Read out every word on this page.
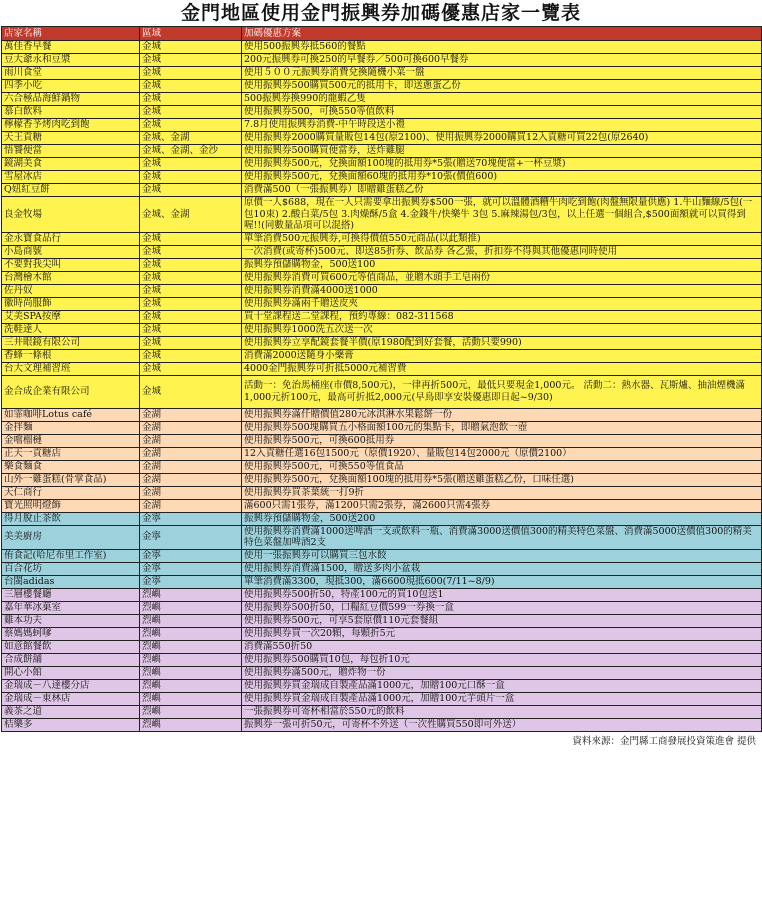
金門地區使用金門振興券加碼優惠店家一覽表
店家名稱	區域	加碼優惠方案
萬佳香早餐	金城	使用500振興券抵560的餐點
豆大爺永和豆漿	金城	200元振興券可換250的早餐券／500可換600早餐券
雨川食堂	金城	使用５００元振興券消費兌換隨機小菜一盤
四季小吃	金城	使用振興券500購買500元的抵用卡，即送蔥蛋乙份
六合極品海鮮鍋物	金城	500振興券換990的龍蝦乙隻
慕白飲料	金城	使用振興券500，可換550等值飲料
檸檬香芧烤肉吃到飽	金城	7.8月使用振興券消費-中午時段送小禮
天王貢糖	金城、金湖	使用振興券2000購買量販包14包(原2100)、使用振興券2000購買12入貢糖可買22包(原2640)
悟饕便當	金城、金湖、金沙	使用振興券500購買便當券，送炸雞腿
鏡湖美食	金城	使用振興券500元，兌換面額100塊的抵用券*5張(贈送70塊便當+一杯豆漿)
雪屋冰店	金城	使用振興券500元，兌換面額60塊的抵用券*10張(價值600)
Q妞紅豆餅	金城	消費滿500（一張振興券）即贈雞蛋糕乙份
良金牧場	金城、金湖	原價一人$688，現在一人只需要拿出振興券$500一張，就可以溫體酒糟牛肉吃到飽(肉盤無限量供應) 1.牛山麵線/5包(一包10束) 2.酸白菜/5包 3.肉燥酥/5盒 4.金錢牛/快樂牛 3包 5.麻辣湯包/3包，以上任選一個組合,$500面額就可以買得到喔!!(同數量品項可以混搭)
金永寶食品行	金城	單筆消費500元振興券,可換得價值550元商品(以此類推)
小島商號	金城	一次消費(或寄杯)500元、即送85折券、飲品券 各乙張，折扣券不得與其他優惠同時使用
不要對我尖叫	金城	振興券預儲購物金，500送100
台灣檜木館	金城	使用振興券消費可買600元等值商品，並贈木頭手工皂兩份
佐丹奴	金城	使用振興券消費滿4000送1000
徽時尚服飾	金城	使用振興券滿兩千贈送皮夾
艾美SPA按摩	金城	買十堂課程送二堂課程，預約專線：082-311568
洗鞋達人	金城	使用振興券1000洗五次送一次
三井眼鏡有限公司	金城	使用振興券立享配鏡套餐半價(原1980配到好套餐，活動只要990)
香蜂一條根	金城	消費滿2000送隨身小藥膏
台大文理補習班	金城	4000金門振興券可折抵5000元補習費
金合成企業有限公司	金城	活動一：免治馬桶座(市價8,500元)，一律再折500元，最低只要現金1,000元。 活動二：熱水器、瓦斯爐、抽油煙機滿1,000元折100元，最高可折抵2,000元(早鳥即享安裝優惠即日起~9/30)
如霏咖啡Lotus café	金湖	使用振興券滿仟贈價值280元冰淇淋水果鬆餅一份
金拌麵	金湖	使用振興券500塊購買五小格面額100元的集點卡，即贈氣泡飲一壺
金嚐榴槤	金湖	使用振興券500元，可換600抵用券
正天一貢糖店	金湖	12入貢糖任選16包1500元（原價1920）、量販包14包2000元（原價2100）
樂食麵食	金湖	使用振興券500元，可換550等值食品
山外一雞蛋糕(骨掌食品)	金湖	使用振興券500元，兌換面額100塊的抵用券*5張(贈送雞蛋糕乙份，口味任選)
天仁商行	金湖	使用振興券買茶葉統一打9折
寶光照明燈飾	金湖	滿600只需1張券，滿1200只需2張券，滿2600只需4張券
得月脫止茶飲	金寧	振興券預儲購物金，500送200
美美廚房	金寧	使用振興券消費滿1000送啤酒一支或飲料一瓶、消費滿3000送價值300的精美特色菜盤、消費滿5000送價值300的精美特色菜盤加啤酒2支
侑食記(哈尼布里工作室)	金寧	使用一張振興券可以購買三包水餃
百合花坊	金寧	使用振興券消費滿1500，贈送多肉小盆栽
台閩adidas	金寧	單筆消費滿3300，現抵300，滿6600現抵600(7/11~8/9)
三層樓餐廳	烈嶼	使用振興券500折50，特產100元的買10包送1
嘉年華冰菓室	烈嶼	使用振興券500折50，口糧紅豆價599一券換一盒
雞本功夫	烈嶼	使用振興券500元，可享5套原價110元套餐組
蔡媽媽蚵嗲	烈嶼	使用振興券買一次20顆，每顆折5元
如意館餐飲	烈嶼	消費滿550折50
合成餅舖	烈嶼	使用振興券500購買10包，每包折10元
開心小館	烈嶼	使用振興券滿500元，贈炸物一份
金瑞成－八達樓分店	烈嶼	使用振興券買金瑞成自製產品滿1000元，加贈100元口酥一盒
金瑞成－東林店	烈嶼	使用振興券買金瑞成自製產品滿1000元，加贈100元芋頭片一盒
義茶之道	烈嶼	一張振興券可寄杯相當於550元的飲料
桔樂多	烈嶼	振興券一張可折50元，可寄杯不外送（一次性購買550即可外送）
資料來源：金門縣工商發展投資策進會 提供
